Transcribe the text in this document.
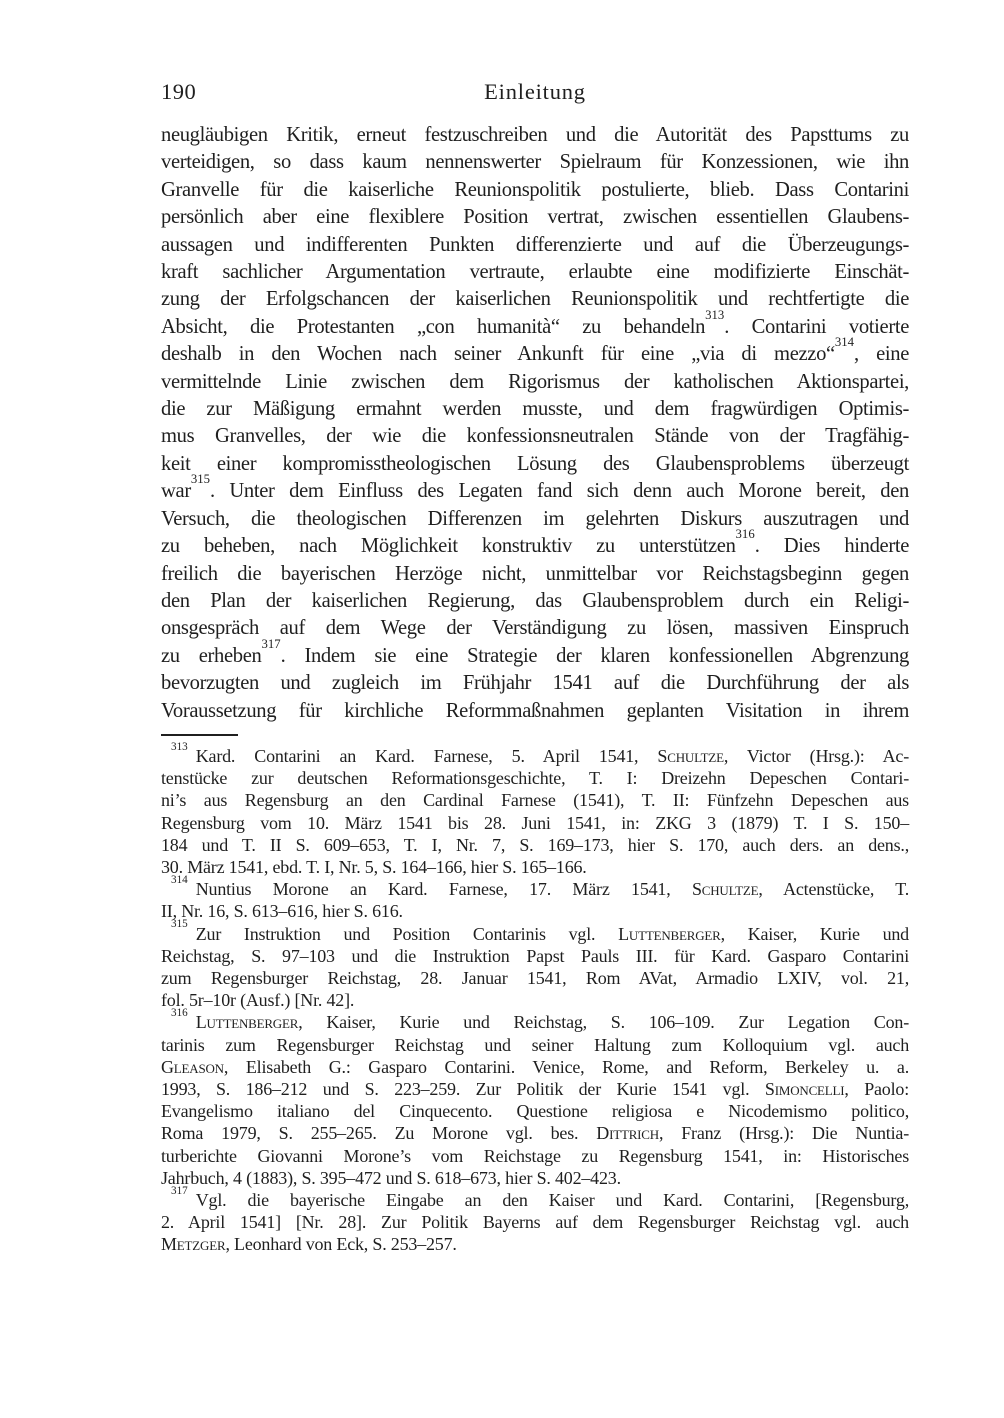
190	Einleitung
neugläubigen Kritik, erneut festzuschreiben und die Autorität des Papsttums zu
verteidigen, so dass kaum nennenswerter Spielraum für Konzessionen, wie ihn
Granvelle für die kaiserliche Reunionspolitik postulierte, blieb. Dass Contarini
persönlich aber eine flexiblere Position vertrat, zwischen essentiellen Glaubens-
aussagen und indifferenten Punkten differenzierte und auf die Überzeugungs-
kraft sachlicher Argumentation vertraute, erlaubte eine modifizierte Einschät-
zung der Erfolgschancen der kaiserlichen Reunionspolitik und rechtfertigte die
Absicht, die Protestanten „con humanità“ zu behandeln$^{313}$. Contarini votierte
deshalb in den Wochen nach seiner Ankunft für eine „via di mezzo“$^{314}$, eine
vermittelnde Linie zwischen dem Rigorismus der katholischen Aktionspartei,
die zur Mäßigung ermahnt werden musste, und dem fragwürdigen Optimis-
mus Granvelles, der wie die konfessionsneutralen Stände von der Tragfähig-
keit einer kompromisstheologischen Lösung des Glaubensproblems überzeugt
war$^{315}$. Unter dem Einfluss des Legaten fand sich denn auch Morone bereit, den
Versuch, die theologischen Differenzen im gelehrten Diskurs auszutragen und
zu beheben, nach Möglichkeit konstruktiv zu unterstützen$^{316}$. Dies hinderte
freilich die bayerischen Herzöge nicht, unmittelbar vor Reichstagsbeginn gegen
den Plan der kaiserlichen Regierung, das Glaubensproblem durch ein Religi-
onsgespräch auf dem Wege der Verständigung zu lösen, massiven Einspruch
zu erheben$^{317}$. Indem sie eine Strategie der klaren konfessionellen Abgrenzung
bevorzugten und zugleich im Frühjahr 1541 auf die Durchführung der als
Voraussetzung für kirchliche Reformmaßnahmen geplanten Visitation in ihrem
$^{313}$ Kard. Contarini an Kard. Farnese, 5. April 1541, Schultze, Victor (Hrsg.): Ac-
tenstücke zur deutschen Reformationsgeschichte, T. I: Dreizehn Depeschen Contari-
ni’s aus Regensburg an den Cardinal Farnese (1541), T. II: Fünfzehn Depeschen aus
Regensburg vom 10. März 1541 bis 28. Juni 1541, in: ZKG 3 (1879) T. I S. 150–
184 und T. II S. 609–653, T. I, Nr. 7, S. 169–173, hier S. 170, auch ders. an dens.,
30. März 1541, ebd. T. I, Nr. 5, S. 164–166, hier S. 165–166.
$^{314}$ Nuntius Morone an Kard. Farnese, 17. März 1541, Schultze, Actenstücke, T.
II, Nr. 16, S. 613–616, hier S. 616.
$^{315}$ Zur Instruktion und Position Contarinis vgl. Luttenberger, Kaiser, Kurie und
Reichstag, S. 97–103 und die Instruktion Papst Pauls III. für Kard. Gasparo Contarini
zum Regensburger Reichstag, 28. Januar 1541, Rom AVat, Armadio LXIV, vol. 21,
fol. 5r–10r (Ausf.) [Nr. 42].
$^{316}$ Luttenberger, Kaiser, Kurie und Reichstag, S. 106–109. Zur Legation Con-
tarinis zum Regensburger Reichstag und seiner Haltung zum Kolloquium vgl. auch
Gleason, Elisabeth G.: Gasparo Contarini. Venice, Rome, and Reform, Berkeley u. a.
1993, S. 186–212 und S. 223–259. Zur Politik der Kurie 1541 vgl. Simoncelli, Paolo:
Evangelismo italiano del Cinquecento. Questione religiosa e Nicodemismo politico,
Roma 1979, S. 255–265. Zu Morone vgl. bes. Dittrich, Franz (Hrsg.): Die Nuntia-
turberichte Giovanni Morone’s vom Reichstage zu Regensburg 1541, in: Historisches
Jahrbuch, 4 (1883), S. 395–472 und S. 618–673, hier S. 402–423.
$^{317}$ Vgl. die bayerische Eingabe an den Kaiser und Kard. Contarini, [Regensburg,
2. April 1541] [Nr. 28]. Zur Politik Bayerns auf dem Regensburger Reichstag vgl. auch
Metzger, Leonhard von Eck, S. 253–257.
